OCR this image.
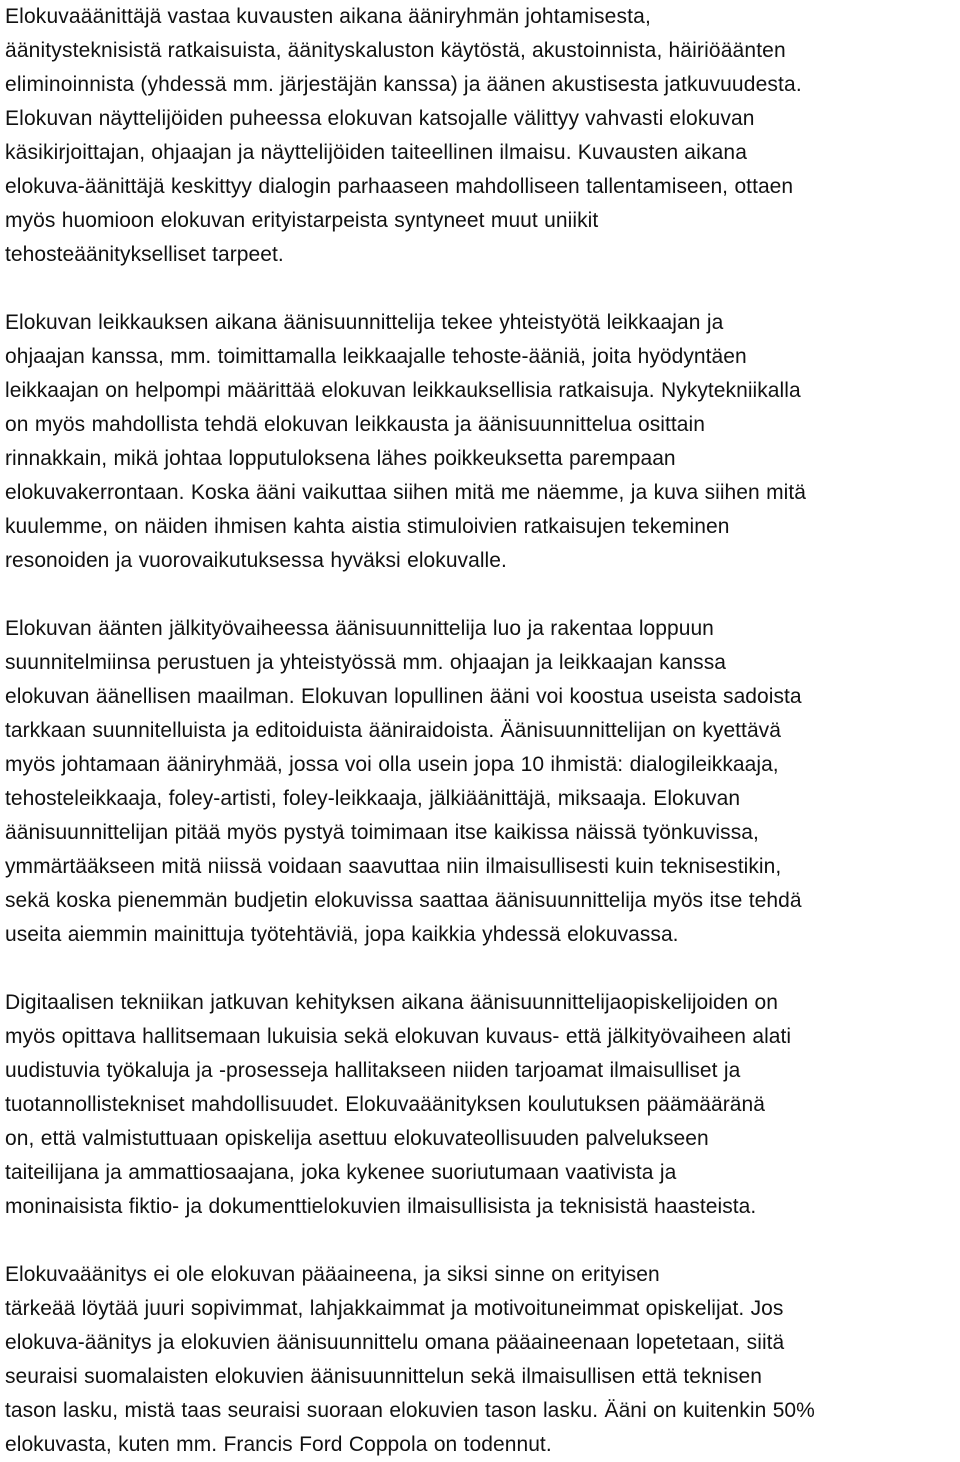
Elokuvaäänittäjä vastaa kuvausten aikana ääniryhmän johtamisesta,
äänitysteknisistä ratkaisuista, äänityskaluston käytöstä, akustoinnista, häiriöäänten
eliminoinnista (yhdessä mm. järjestäjän kanssa) ja äänen akustisesta jatkuvuudesta.
Elokuvan näyttelijöiden puheessa elokuvan katsojalle välittyy vahvasti elokuvan
käsikirjoittajan, ohjaajan ja näyttelijöiden taiteellinen ilmaisu. Kuvausten aikana
elokuva-äänittäjä keskittyy dialogin parhaaseen mahdolliseen tallentamiseen, ottaen
myös huomioon elokuvan erityistarpeista syntyneet muut uniikit
tehosteäänitykselliset tarpeet.
Elokuvan leikkauksen aikana äänisuunnittelija tekee yhteistyötä leikkaajan ja
ohjaajan kanssa, mm. toimittamalla leikkaajalle tehoste-ääniä, joita hyödyntäen
leikkaajan on helpompi määrittää elokuvan leikkauksellisia ratkaisuja. Nykytekniikalla
on myös mahdollista tehdä elokuvan leikkausta ja äänisuunnittelua osittain
rinnakkain, mikä johtaa lopputuloksena lähes poikkeuksetta parempaan
elokuvakerrontaan. Koska ääni vaikuttaa siihen mitä me näemme, ja kuva siihen mitä
kuulemme, on näiden ihmisen kahta aistia stimuloivien ratkaisujen tekeminen
resonoiden ja vuorovaikutuksessa hyväksi elokuvalle.
Elokuvan äänten jälkityövaiheessa äänisuunnittelija luo ja rakentaa loppuun
suunnitelmiinsa perustuen ja yhteistyössä mm. ohjaajan ja leikkaajan kanssa
elokuvan äänellisen maailman. Elokuvan lopullinen ääni voi koostua useista sadoista
tarkkaan suunnitelluista ja editoiduista ääniraidoista. Äänisuunnittelijan on kyettävä
myös johtamaan ääniryhmää, jossa voi olla usein jopa 10 ihmistä: dialogileikkaaja,
tehosteleikkaaja, foley-artisti, foley-leikkaaja, jälkiäänittäjä, miksaaja. Elokuvan
äänisuunnittelijan pitää myös pystyä toimimaan itse kaikissa näissä työnkuvissa,
ymmärtääkseen mitä niissä voidaan saavuttaa niin ilmaisullisesti kuin teknisestikin,
sekä koska pienemmän budjetin elokuvissa saattaa äänisuunnittelija myös itse tehdä
useita aiemmin mainittuja työtehtäviä, jopa kaikkia yhdessä elokuvassa.
Digitaalisen tekniikan jatkuvan kehityksen aikana äänisuunnittelijaopiskelijoiden on
myös opittava hallitsemaan lukuisia sekä elokuvan kuvaus- että jälkityövaiheen alati
uudistuvia työkaluja ja -prosesseja hallitakseen niiden tarjoamat ilmaisulliset ja
tuotannollistekniset mahdollisuudet. Elokuvaäänityksen koulutuksen päämääränä
on, että valmistuttuaan opiskelija asettuu elokuvateollisuuden palvelukseen
taiteilijana ja ammattiosaajana, joka kykenee suoriutumaan vaativista ja
moninaisista fiktio- ja dokumenttielokuvien ilmaisullisista ja teknisistä haasteista.
Elokuvaäänitys ei ole elokuvan pääaineena, ja siksi sinne on erityisen
tärkeää löytää juuri sopivimmat, lahjakkaimmat ja motivoituneimmat opiskelijat. Jos
elokuva-äänitys ja elokuvien äänisuunnittelu omana pääaineenaan lopetetaan, siitä
seuraisi suomalaisten elokuvien äänisuunnittelun sekä ilmaisullisen että teknisen
tason lasku, mistä taas seuraisi suoraan elokuvien tason lasku. Ääni on kuitenkin 50%
elokuvasta, kuten mm. Francis Ford Coppola on todennut.
